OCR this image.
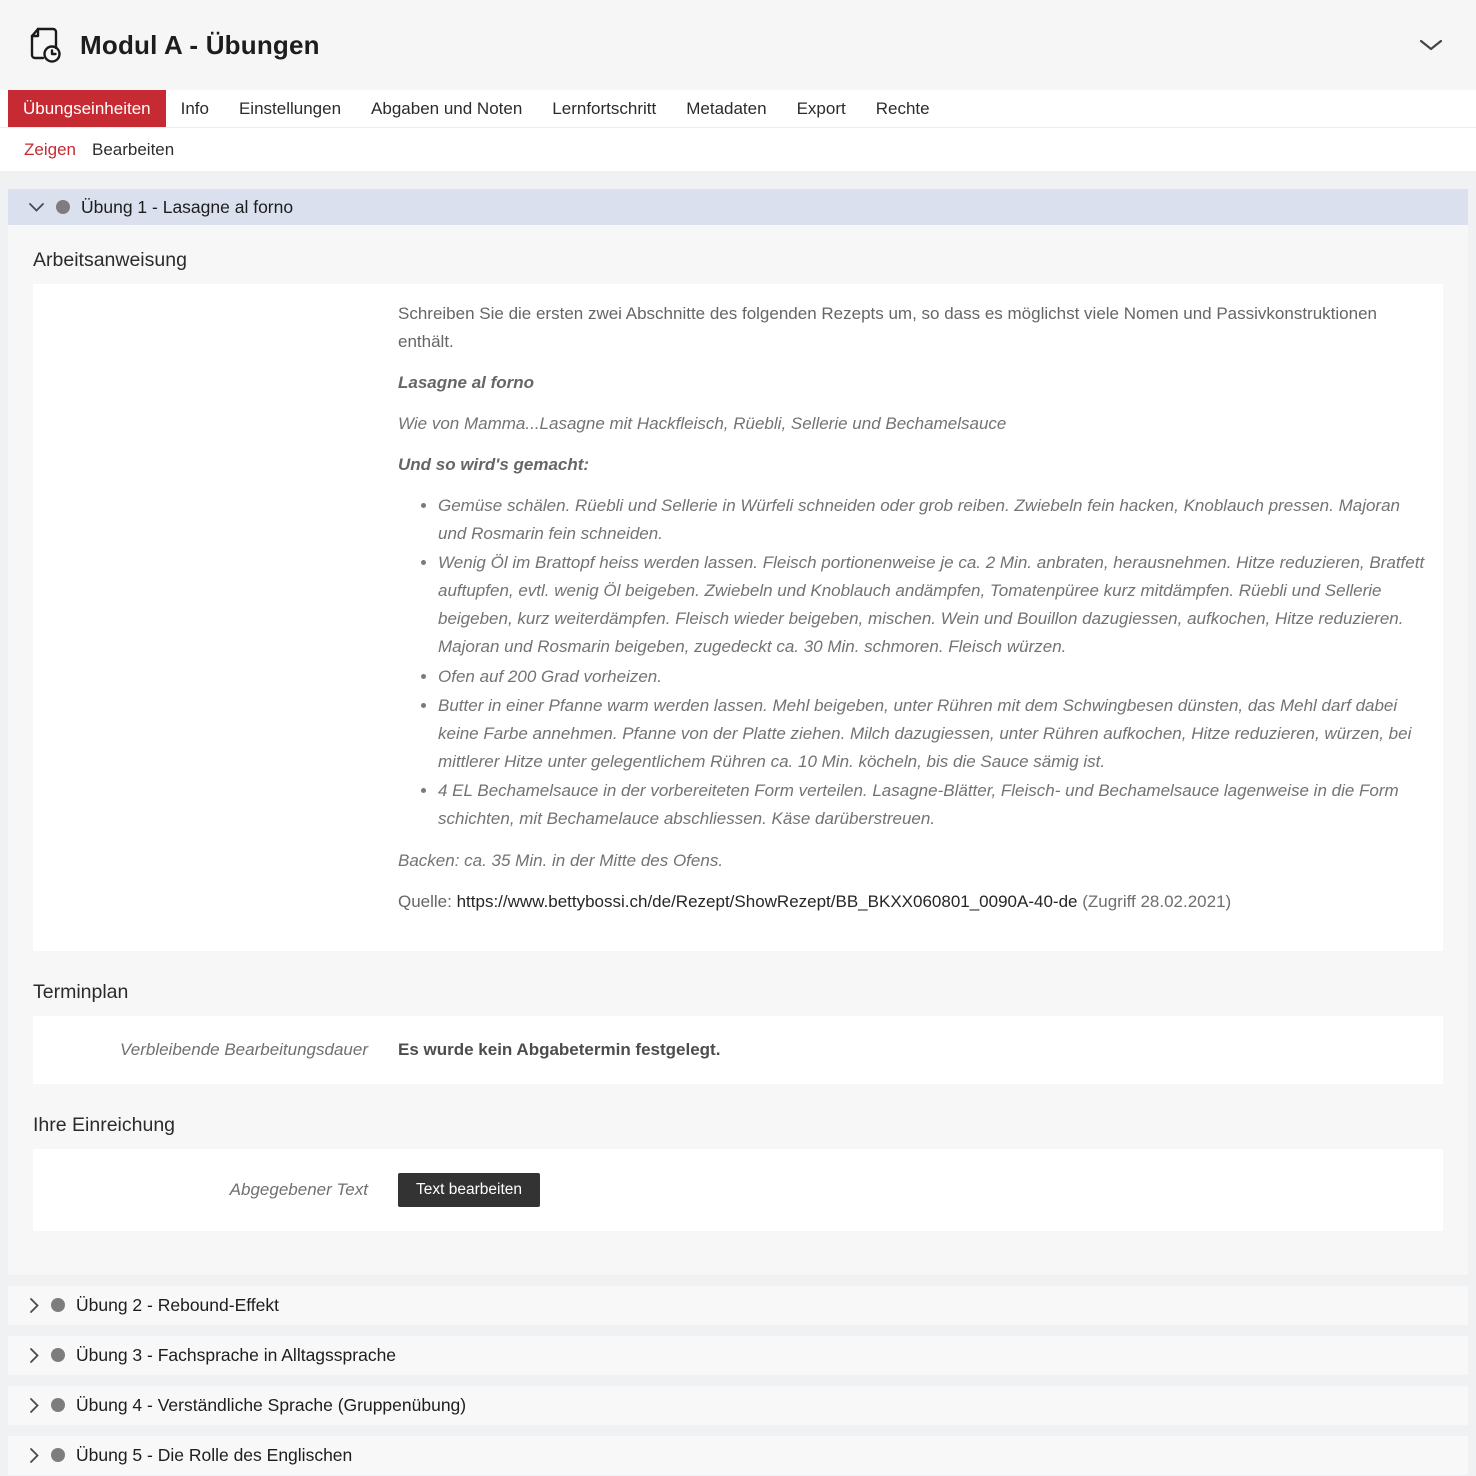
Modul A - Übungen
Übungseinheiten	Info	Einstellungen	Abgaben und Noten	Lernfortschritt	Metadaten	Export	Rechte
Zeigen Bearbeiten
Übung 1 - Lasagne al forno
Arbeitsanweisung

Schreiben Sie die ersten zwei Abschnitte des folgenden Rezepts um, so dass es möglichst viele Nomen und Passivkonstruktionen enthält.

Lasagne al forno

Wie von Mamma...Lasagne mit Hackfleisch, Rüebli, Sellerie und Bechamelsauce

Und so wird's gemacht:

• Gemüse schälen. Rüebli und Sellerie in Würfeli schneiden oder grob reiben. Zwiebeln fein hacken, Knoblauch pressen. Majoran und Rosmarin fein schneiden.
• Wenig Öl im Brattopf heiss werden lassen. Fleisch portionenweise je ca. 2 Min. anbraten, herausnehmen. Hitze reduzieren, Bratfett auftupfen, evtl. wenig Öl beigeben. Zwiebeln und Knoblauch andämpfen, Tomatenpüree kurz mitdämpfen. Rüebli und Sellerie beigeben, kurz weiterdämpfen. Fleisch wieder beigeben, mischen. Wein und Bouillon dazugiessen, aufkochen, Hitze reduzieren. Majoran und Rosmarin beigeben, zugedeckt ca. 30 Min. schmoren. Fleisch würzen.
• Ofen auf 200 Grad vorheizen.
• Butter in einer Pfanne warm werden lassen. Mehl beigeben, unter Rühren mit dem Schwingbesen dünsten, das Mehl darf dabei keine Farbe annehmen. Pfanne von der Platte ziehen. Milch dazugiessen, unter Rühren aufkochen, Hitze reduzieren, würzen, bei mittlerer Hitze unter gelegentlichem Rühren ca. 10 Min. köcheln, bis die Sauce sämig ist.
• 4 EL Bechamelsauce in der vorbereiteten Form verteilen. Lasagne-Blätter, Fleisch- und Bechamelsauce lagenweise in die Form schichten, mit Bechamelauce abschliessen. Käse darüberstreuen.

Backen: ca. 35 Min. in der Mitte des Ofens.

Quelle: https://www.bettybossi.ch/de/Rezept/ShowRezept/BB_BKXX060801_0090A-40-de (Zugriff 28.02.2021)

Terminplan
Verbleibende Bearbeitungsdauer	Es wurde kein Abgabetermin festgelegt.
Ihre Einreichung
Abgegebener Text	Text bearbeiten
Übung 2 - Rebound-Effekt
Übung 3 - Fachsprache in Alltagssprache
Übung 4 - Verständliche Sprache (Gruppenübung)
Übung 5 - Die Rolle des Englischen
